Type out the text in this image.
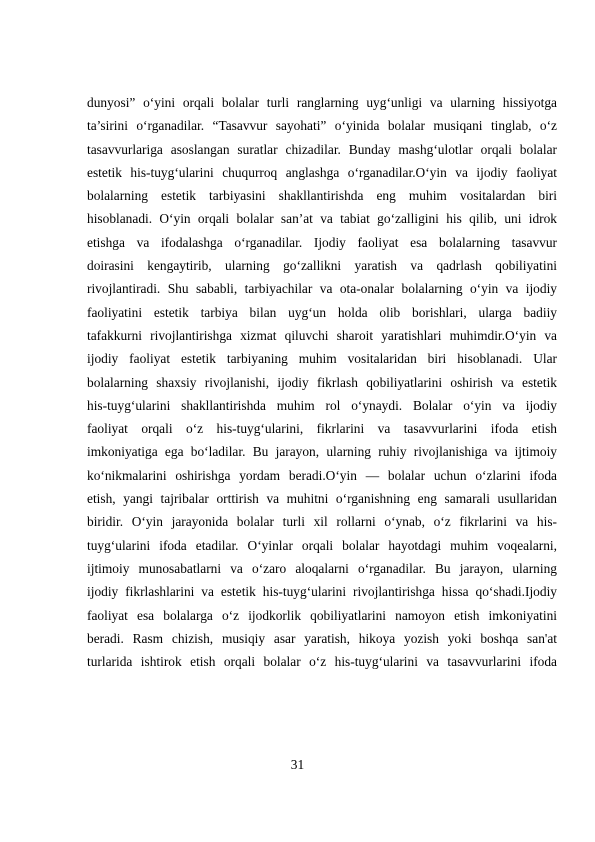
dunyosi” o‘yini orqali bolalar turli ranglarning uyg‘unligi va ularning hissiyotga
ta’sirini o‘rganadilar. “Tasavvur sayohati” o‘yinida bolalar musiqani tinglab, o‘z
tasavvurlariga asoslangan suratlar chizadilar. Bunday mashg‘ulotlar orqali bolalar
estetik his-tuyg‘ularini chuqurroq anglashga o‘rganadilar.O‘yin va ijodiy faoliyat
bolalarning estetik tarbiyasini shakllantirishda eng muhim vositalardan biri
hisoblanadi. O‘yin orqali bolalar san’at va tabiat go‘zalligini his qilib, uni idrok
etishga va ifodalashga o‘rganadilar. Ijodiy faoliyat esa bolalarning tasavvur
doirasini kengaytirib, ularning go‘zallikni yaratish va qadrlash qobiliyatini
rivojlantiradi. Shu sababli, tarbiyachilar va ota-onalar bolalarning o‘yin va ijodiy
faoliyatini estetik tarbiya bilan uyg‘un holda olib borishlari, ularga badiiy
tafakkurni rivojlantirishga xizmat qiluvchi sharoit yaratishlari muhimdir.O‘yin va
ijodiy faoliyat estetik tarbiyaning muhim vositalaridan biri hisoblanadi. Ular
bolalarning shaxsiy rivojlanishi, ijodiy fikrlash qobiliyatlarini oshirish va estetik
his-tuyg‘ularini shakllantirishda muhim rol o‘ynaydi. Bolalar o‘yin va ijodiy
faoliyat orqali o‘z his-tuyg‘ularini, fikrlarini va tasavvurlarini ifoda etish
imkoniyatiga ega bo‘ladilar. Bu jarayon, ularning ruhiy rivojlanishiga va ijtimoiy
ko‘nikmalarini oshirishga yordam beradi.O‘yin — bolalar uchun o‘zlarini ifoda
etish, yangi tajribalar orttirish va muhitni o‘rganishning eng samarali usullaridan
biridir. O‘yin jarayonida bolalar turli xil rollarni o‘ynab, o‘z fikrlarini va his-
tuyg‘ularini ifoda etadilar. O‘yinlar orqali bolalar hayotdagi muhim voqealarni,
ijtimoiy munosabatlarni va o‘zaro aloqalarni o‘rganadilar. Bu jarayon, ularning
ijodiy fikrlashlarini va estetik his-tuyg‘ularini rivojlantirishga hissa qo‘shadi.Ijodiy
faoliyat esa bolalarga o‘z ijodkorlik qobiliyatlarini namoyon etish imkoniyatini
beradi. Rasm chizish, musiqiy asar yaratish, hikoya yozish yoki boshqa san'at
turlarida ishtirok etish orqali bolalar o‘z his-tuyg‘ularini va tasavvurlarini ifoda
31
